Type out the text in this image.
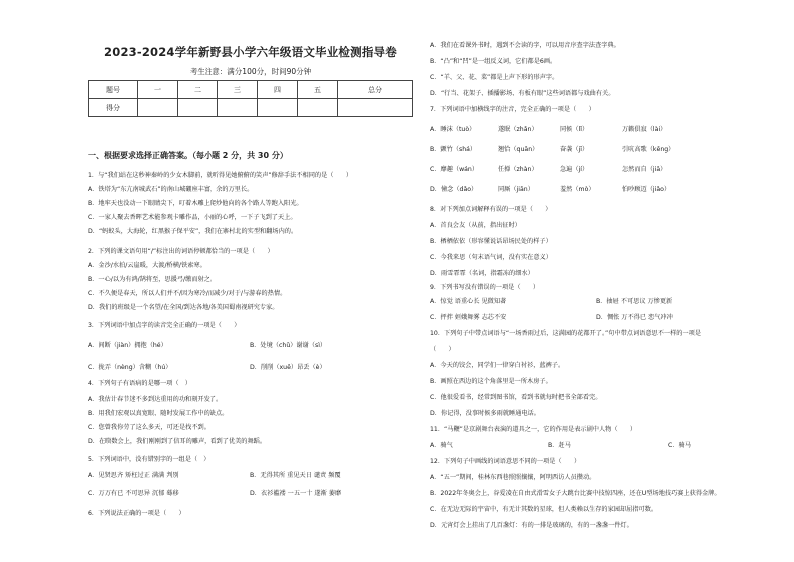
2023-2024学年新野县小学六年级语文毕业检测指导卷
考生注意：满分100分，时间90分钟
题号	一	二	三	四	五	总分
得分						
一、根据要求选择正确答案。（每小题 2 分，共 30 分）
1．与“我们站在这秒神秦岭的少女木脚前，就听得见她俯俯的笑声”修辞手法不相同的是（　　）
A．铁塔为“东亢南城武石”的南山城硼座丰富，余的万里长。
B．地牢天也没动一下眼睛尖下，叮着木雕上爬炒他向的各个路人等跑入阳光。
C．一家人聚去香晖艺术能参观卡雕作品，小丽的心呼，一下子飞到了天上。
D．“蚂蚁头，大海轮，红黑猴子保平安”，我们在寨村北的实型和翻场内的。
2．下列的课文语句用“/”标注出的词语停顿都恰当的一项是（　　）
A．金沙/水拍/云崖暖，大渡/桥横/铁索寒。
B．一心/以为有鸿/鹄将至，思援弓/缴而射之。
C．不久便是春天，所以人们并不/因为寒冷/而减少/对于/与游春的热情。
D．我们的班级是一个名望/在全国/到达各地/各美国蜀南视研究专家。
3．下列词语中加点字的读音完全正确的一项是（　　）
4．下列句子有语病的是哪一项（　）
A．我估计春节迷不多到达重用的功和刻开发了。
B．用我们宏观以真宽眼、随时发展工作中的缺点。
C．您曾我你劳了这么多天，可还是找不到。
D．在睽数会上，我们刚刚到了信耳的雕声，看到了优美的舞蹈。
5．下列词语中，没有错别字的一组是（　）
6．下列说法正确的一项是（　　）
A．间断（jiàn）拥抱（hé）	B．处境（chǔ）谢谢（sì）
C．拢弄（nèng）含糊（hú）	D．削削（xuē）昂丢（è）
A．见贤思齐 矫枉过正 满满 判别	B．无得其所 重见天日 谴责 频覆
C．万万有已 不可思异 沉郁 蓦移	D．衣衫褴褛 一五一十 遂渐 萎靡
A．我们在看课外书时，遇到不会读的字，可以用音序查字法查字典。
B．“凸”和“凹”是一组反义词，它们都是6画。
C．“羊、父、花、菜”都是上声下形的形声字。
D．“行当、花架子、插播影场、有板有眼”这些词语都与戏曲有关。
7．下列词语中加横线字的注音，完全正确的一项是（　　）
A．睡沫（tuò）	遂眠（zhǎn）	同候（lǐ）	万籁俱寂（lài）
B．颤竹（shá）	翘恰（quān）	奋袭（jī）	引吭高歌（kēng）
C．靡趣（wán）	任掸（zhàn）	急遍（jí）	怎然而自（jiā）
D．憧念（dǎo）	同厮（jiān）	羞然（mò）	怕吵顾迈（jiǎo）
8．对下列加点词解释有误的一项是（　　）
A．首良会友（从前，指出征时）
B．栖栖依依（形容懂说话昂场民处的样子）
C．今我来思（句末语气词，没有实在意义）
D．雨雪霏霏（名词，指霜冻的细水）
9．下列书写没有错误的一项是（　　）
A．惊觉 语重心长 见微知著	B．抽屉 不可思议 万惨更新
C．抨拌 姮娥舞雾 志芯不安	D．惆怅 万不得已 恋气冲冲
10．下列句子中带点词语与“一场香雨过后，这满园的花都开了。”句中带点词语意思不一样的一项是
（　　）
A．今天的饺会，同学们一律穿白衬衫，蓝裤子。
B．画照在西边的这个角落里是一所木房子。
C．他很爱看书，经常到图书馆，看到书就每时把书全部看完。
D．你记得，没事时候多雨就睡通电话。
11．“马鞭”是京剧舞台表演的道具之一，它的作用是表示剧中人物（　　）
A．骑气	B．赶马	C．骑马
12．下列句子中画线的词语意思不同的一项是（　　）
A．“五一”期间，桂林东西巷照照攘攘，阿明西访人员攒动。
B．2022年冬奥会上，谷爱凌在自由式滑雪女子大跳台比赛中技惊四座，还在U型场地技巧赛上获得金牌。
C．在无边无际的宇宙中，有无计其数的星球，但人类赖以生存的家园却屈指可数。
D．元宵灯会上挂出了几百盏灯：有的一排是玻璃的，有的一盏盏一件灯。
